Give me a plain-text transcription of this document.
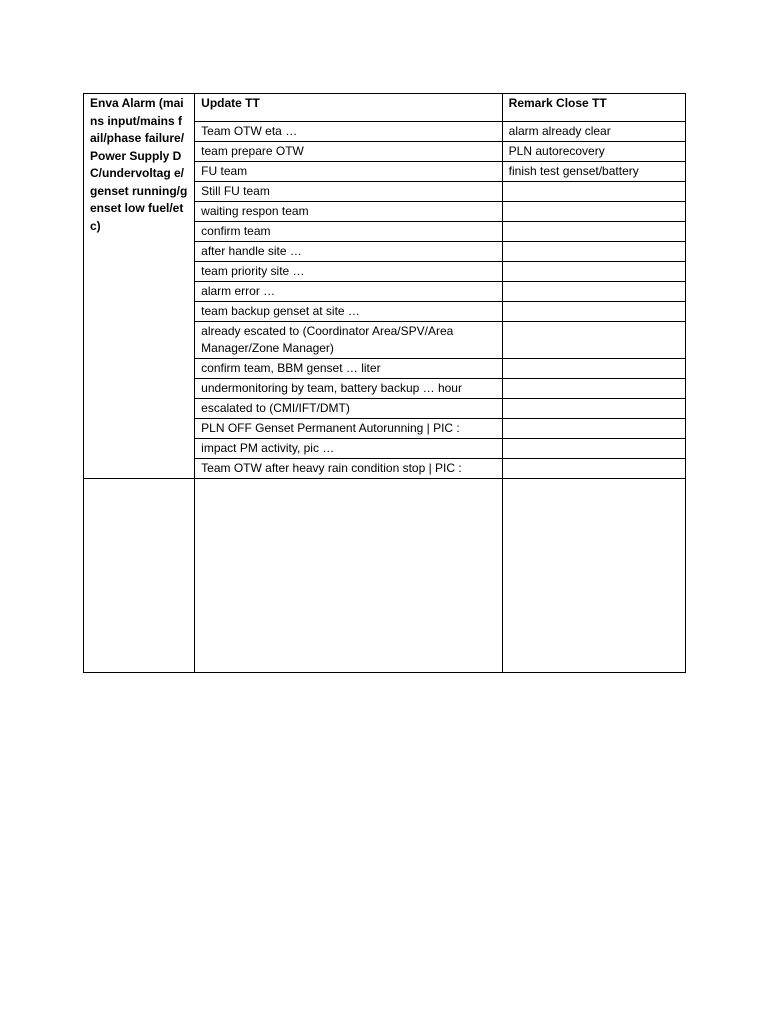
Enva Alarm (mains input/mains fail/phase failure/Power Supply DC/undervoltag e/genset running/genset low fuel/etc)	Update TT	Remark Close TT
	Team OTW eta …	alarm already clear
	team prepare OTW	PLN autorecovery
	FU team	finish test genset/battery
	Still FU team	
	waiting respon team	
	confirm team	
	after handle site …	
	team priority site …	
	alarm error …	
	team backup genset at site …	
	already escated to (Coordinator Area/SPV/Area Manager/Zone Manager)	
	confirm team, BBM genset … liter	
	undermonitoring by team, battery backup … hour	
	escalated to (CMI/IFT/DMT)	
	PLN OFF Genset Permanent Autorunning | PIC :	
	impact PM activity, pic …	
	Team OTW after heavy rain condition stop | PIC :	
